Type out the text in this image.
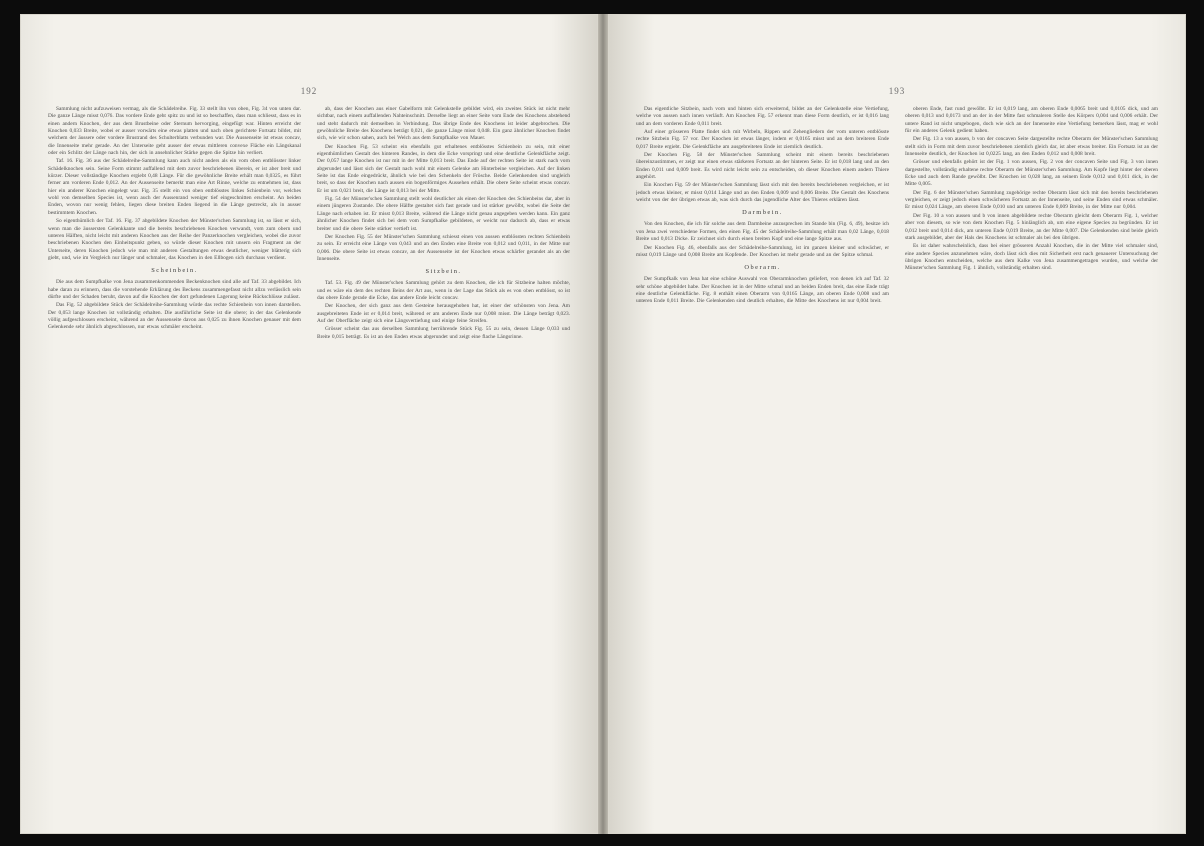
192

Sammlung nicht aufzuweisen vermag, als die Schädelreihe. Fig. 33 stellt ihn von oben, Fig. 34 von unten dar. Die ganze Länge misst 0,076. Das vordere Ende geht spitz zu und ist so beschaffen, dass man schliesst, dass es in einen andern Knochen, der aus dem Brustbeine oder Sternum hervorging, eingefügt war. Hinten erreicht der Knochen 0,033 Breite, wobei er ausser vorwärts eine etwas platten und nach oben gerichtete Fortsatz bildet, mit welchem der äussere oder vordere Brustrand des Schulterblatts verbunden war. Die Aussenseite ist etwas concav, die Innenseite mehr gerade. An der Unterseite geht ausser der etwas mittleren convexe Fläche ein Längskanal oder ein Schlitz der Länge nach hin, der sich in ansehnlicher Stärke gegen die Spitze hin verliert.

Taf. 16. Fig. 36 aus der Schädelreihe-Sammlung kann auch nicht anders als ein vom oben entblösster linker Schädelknochen sein. Seine Form stimmt auffallend mit dem zuvor beschriebenen überein, er ist aber breit und kürzer. Dieser vollständige Knochen ergiebt 0,48 Länge. Für die gewöhnliche Breite erhält man 0,0325, es führt ferner am vorderen Ende 0,012. An der Aussenseite bemerkt man eine Art Rinne, welche zu entnehmen ist, dass hier ein anderer Knochen eingelegt war. Fig. 35 stellt ein von oben entblösstes linkes Schienbein vor, welches wohl von demselben Species ist, wenn auch der Aussenrand weniger tief eingeschnitten erscheint. An beiden Enden, wovon nur wenig fehlen, liegen diese breiten Enden liegend in die Länge gestreckt, als in ausser bestimmtem Knochen.

So eigenthümlich der Taf. 16. Fig. 37 abgebildete Knochen der Münster'schen Sammlung ist, so lässt er sich, wenn man die äussersten Gelenkkante und die bereits beschriebenen Knochen verwandt, vom zum obern und unteren Hälften, nicht leicht mit anderen Knochen aus der Reihe der Panzerknochen vergleichen, wobei die zuvor beschriebenen Knochen den Einheitspunkt geben, so würde dieser Knochen mit unsern ein Fragment an der Unterseite, deren Knochen jedoch wie man mit anderen Gestaltungen etwas deutlicher, weniger blätterig sich giebt, und, wie im Vergleich nur länger und schmaler, das Knochen in den Ellbogen sich durchaus verdient.

Scheinbein.

Die aus dem Sumpfkalke von Jena zusammenkommenden Beckenknochen sind alle auf Taf. 33 abgebildet. Ich habe daran zu erinnern, dass die vorstehende Erklärung des Beckens zusammengefasst nicht allzu verlässlich sein dürfte und der Schaden beruht, davon auf die Knochen der dort gefundenen Lagerung keine Rückschlüsse zulässt.

Das Fig. 52 abgebildete Stück der Schädelreihe-Sammlung würde das rechte Schienbein von innen darstellen. Der 0,053 lange Knochen ist vollständig erhalten. Die ausführliche Seite ist die obere; in der das Gelenkende völlig aufgeschlossen erscheint, während an der Aussenseite davon aus 0,025 zu ihnen Knochen genauer mit dem Gelenkende sehr ähnlich abgeschlossen, nur etwas schmäler erscheint.

ab, dass der Knochen aus einer Gabelform mit Gelenkstelle gebildet wird, ein zweites Stück ist nicht mehr sichtbar, nach einem auffallenden Nahteinschnitt. Derselbe liegt an einer Seite vom Ende des Knochens abstehend und steht dadurch mit demselben in Verbindung. Das übrige Ende des Knochens ist leider abgebrochen. Die gewöhnliche Breite des Knochens beträgt 0,021, die ganze Länge misst 0,048. Ein ganz ähnlicher Knochen findet sich, wie wir schon sahen, auch bei Welch aus dem Sumpfkalke von Mauer.

Der Knochen Fig. 53 scheint ein ebenfalls gut erhaltenes entblösstes Schienbein zu sein, mit einer eigenthümlichen Gestalt des hinteren Randes, in dem die Ecke vorspringt und eine deutliche Gelenkfläche zeigt. Der 0,057 lange Knochen ist nur mit in der Mitte 0,013 breit. Das Ende auf der rechten Seite ist stark nach vorn abgerundet und lässt sich der Gestalt nach wohl mit einem Gelenke am Hinterbeine vergleichen. Auf der linken Seite ist das Ende eingedrückt, ähnlich wie bei den Schenkeln der Frösche. Beide Gelenkenden sind ungleich breit, so dass der Knochen nach aussen ein bogenförmiges Aussehen erhält. Die obere Seite scheint etwas concav. Er ist um 0,021 breit, die Länge ist 0,013 bei der Mitte.

Fig. 54 der Münster'schen Sammlung stellt wohl deutlicher als einen der Knochen des Schienbeins dar, aber in einem jüngeren Zustande. Die obere Hälfte gestaltet sich fast gerade und ist stärker gewölbt, wobei die Seite der Länge nach erhaben ist. Er misst 0,013 Breite, während die Länge nicht genau angegeben werden kann. Ein ganz ähnlicher Knochen findet sich bei dem vom Sumpfkalke gebildeten, er weicht nur dadurch ab, dass er etwas breiter und die obere Seite stärker vertieft ist.

Der Knochen Fig. 55 der Münster'schen Sammlung schiesst einen von aussen entblössten rechten Schienbein zu sein. Er erreicht eine Länge von 0,043 und an den Enden eine Breite von 0,012 und 0,011, in der Mitte nur 0,006. Die obere Seite ist etwas concav, an der Aussenseite ist der Knochen etwas schärfer gerandet als an der Innenseite.

Sitzbein.

Taf. 53. Fig. 49 der Münster'schen Sammlung gehört zu dem Knochen, die ich für Sitzbeine halten möchte, und es wäre ein dem des rechten Beins der Art aus, wenn in der Lage das Stück als es von oben entblösst, so ist das obere Ende gerade die Ecke, das andere Ende leicht concav.

Der Knochen, der sich ganz aus dem Gesteine herausgehoben hat, ist einer der schönsten von Jena. Am ausgebreiteten Ende ist er 0,014 breit, während er am anderen Ende nur 0,008 misst. Die Länge beträgt 0,023. Auf der Oberfläche zeigt sich eine Längsvertiefung und einige feine Streifen.

Grösser scheint das aus derselben Sammlung herrührende Stück Fig. 55 zu sein, dessen Länge 0,033 und Breite 0,015 beträgt. Es ist an den Enden etwas abgerundet und zeigt eine flache Längsrinne.

193

Das eigentliche Sitzbein, nach vorn und hinten sich erweiternd, bildet an der Gelenkstelle eine Vertiefung, welche von aussen nach innen verläuft. Am Knochen Fig. 57 erkennt man diese Form deutlich, er ist 0,016 lang und an dem vorderen Ende 0,011 breit.

Auf einer grösseren Platte findet sich mit Wirbeln, Rippen und Zehengliedern der vom unteren entblösste rechte Sitzbein Fig. 57 vor. Der Knochen ist etwas länger, indem er 0,0165 misst und an dem breiteren Ende 0,017 Breite ergiebt. Die Gelenkfläche am ausgebreiteten Ende ist ziemlich deutlich.

Der Knochen Fig. 58 der Münster'schen Sammlung scheint mit einem bereits beschriebenen übereinzustimmen, er zeigt nur einen etwas stärkeren Fortsatz an der hinteren Seite. Er ist 0,018 lang und an den Enden 0,011 und 0,009 breit. Es wird nicht leicht sein zu entscheiden, ob dieser Knochen einem andern Thiere angehört.

Ein Knochen Fig. 59 der Münster'schen Sammlung lässt sich mit den bereits beschriebenen vergleichen, er ist jedoch etwas kleiner, er misst 0,014 Länge und an den Enden 0,009 und 0,006 Breite. Die Gestalt des Knochens weicht von der der übrigen etwas ab, was sich durch das jugendliche Alter des Thieres erklären lässt.

Darmbein.

Von den Knochen, die ich für solche aus dem Darmbeine anzusprechen im Stande bin (Fig. 6, 49), besitze ich von Jena zwei verschiedene Formen, den einen Fig. 45 der Schädelreihe-Sammlung erhält man 0,02 Länge, 0,018 Breite und 0,013 Dicke. Er zeichnet sich durch einen breiten Kopf und eine lange Spitze aus.

Der Knochen Fig. 46, ebenfalls aus der Schädelreihe-Sammlung, ist im ganzen kleiner und schwächer, er misst 0,019 Länge und 0,008 Breite am Kopfende. Der Knochen ist mehr gerade und an der Spitze schmal.

Oberarm.

Der Sumpfkalk von Jena hat eine schöne Auswahl von Oberarmknochen geliefert, von denen ich auf Taf. 32 sehr schöne abgebildet habe. Der Knochen ist in der Mitte schmal und an beiden Enden breit, das eine Ende trägt eine deutliche Gelenkfläche. Fig. 8 enthält einen Oberarm von 0,0165 Länge, am oberen Ende 0,008 und am unteren Ende 0,011 Breite. Die Gelenkenden sind deutlich erhalten, die Mitte des Knochens ist nur 0,004 breit.

oberen Ende, fast rund gewölbt. Er ist 0,019 lang, am oberen Ende 0,0065 breit und 0,0105 dick, und am oberen 0,013 und 0,0173 und an der in der Mitte fast schmaleren Stelle des Körpers 0,004 und 0,006 erhält. Der untere Rand ist nicht umgebogen, doch wie sich an der Innenseite eine Vertiefung bemerken lässt, mag er wohl für ein anderes Gelenk gedient haben.

Der Fig. 13 a von aussen, b von der concaven Seite dargestellte rechte Oberarm der Münster'schen Sammlung stellt sich in Form mit dem zuvor beschriebenen ziemlich gleich dar, ist aber etwas breiter. Ein Fortsatz ist an der Innenseite deutlich, der Knochen ist 0,0225 lang, an den Enden 0,012 und 0,008 breit.

Grösser und ebenfalls gehört ist der Fig. 1 von aussen, Fig. 2 von der concaven Seite und Fig. 3 von innen dargestellte, vollständig erhaltene rechte Oberarm der Münster'schen Sammlung. Am Kopfe liegt hinter der oberen Ecke und auch dem Rande gewölbt. Der Knochen ist 0,028 lang, an seinem Ende 0,012 und 0,011 dick, in der Mitte 0,005.

Der Fig. 6 der Münster'schen Sammlung zugehörige rechte Oberarm lässt sich mit den bereits beschriebenen vergleichen, er zeigt jedoch einen schwächeren Fortsatz an der Innenseite, und seine Enden sind etwas schmäler. Er misst 0,024 Länge, am oberen Ende 0,010 und am unteren Ende 0,009 Breite, in der Mitte nur 0,004.

Der Fig. 10 a von aussen und b von innen abgebildete rechte Oberarm gleicht dem Oberarm Fig. 1, welcher aber von diesem, so wie von dem Knochen Fig. 5 hinlänglich ab, um eine eigene Species zu begründen. Er ist 0,012 breit und 0,014 dick, am unteren Ende 0,019 Breite, an der Mitte 0,007. Die Gelenkenden sind beide gleich stark ausgebildet, aber der Hals des Knochens ist schmaler als bei den übrigen.

Es ist daher wahrscheinlich, dass bei einer grösseren Anzahl Knochen, die in der Mitte viel schmaler sind, eine andere Species anzunehmen wäre, doch lässt sich dies mit Sicherheit erst nach genauerer Untersuchung der übrigen Knochen entscheiden, welche aus dem Kalke von Jena zusammengetragen wurden, und welche der Münster'schen Sammlung Fig. 1 ähnlich, vollständig erhalten sind.
